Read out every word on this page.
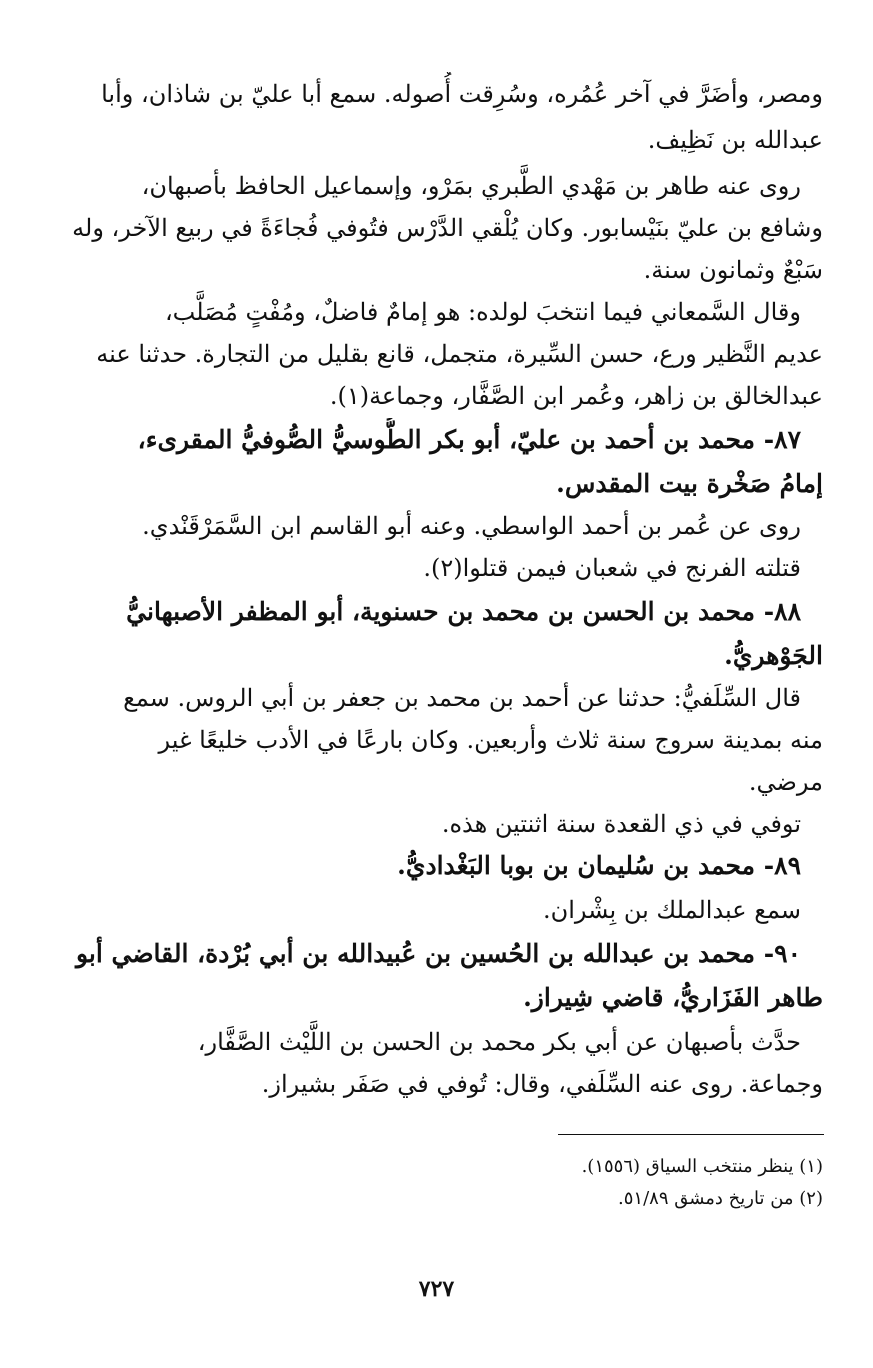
ومصر، وأضَرَّ في آخر عُمُره، وسُرِقت أُصوله. سمع أبا عليّ بن شاذان، وأبا
عبدالله بن نَظِيف.
روى عنه طاهر بن مَهْدي الطَّبري بمَرْو، وإسماعيل الحافظ بأصبهان،
وشافع بن عليّ بنَيْسابور. وكان يُلْقي الدَّرْس فتُوفي فُجاءَةً في ربيع الآخر، وله
سَبْعٌ وثمانون سنة.
وقال السَّمعاني فيما انتخبَ لولده: هو إمامٌ فاضلٌ، ومُفْتٍ مُصَلَّب،
عديم النَّظير ورع، حسن السِّيرة، متجمل، قانع بقليل من التجارة. حدثنا عنه
عبدالخالق بن زاهر، وعُمر ابن الصَّفَّار، وجماعة(١).
٨٧- محمد بن أحمد بن عليّ، أبو بكر الطُّوسيُّ الصُّوفيُّ المقرىء،
إمامُ صَخْرة بيت المقدس.
روى عن عُمر بن أحمد الواسطي. وعنه أبو القاسم ابن السَّمَرْقَنْدي.
قتلته الفرنج في شعبان فيمن قتلوا(٢).
٨٨- محمد بن الحسن بن محمد بن حسنوية، أبو المظفر الأصبهانيُّ
الجَوْهريُّ.
قال السِّلَفيُّ: حدثنا عن أحمد بن محمد بن جعفر بن أبي الروس. سمع
منه بمدينة سروج سنة ثلاث وأربعين. وكان بارعًا في الأدب خليعًا غير
مرضي.
توفي في ذي القعدة سنة اثنتين هذه.
٨٩- محمد بن سُليمان بن بوبا البَغْداديُّ.
سمع عبدالملك بن بِشْران.
٩٠- محمد بن عبدالله بن الحُسين بن عُبيدالله بن أبي بُرْدة، القاضي أبو
طاهر الفَزَاريُّ، قاضي شِيراز.
حدَّث بأصبهان عن أبي بكر محمد بن الحسن بن اللَّيْث الصَّفَّار،
وجماعة. روى عنه السِّلَفي، وقال: تُوفي في صَفَر بشيراز.
(١) ينظر منتخب السياق (١٥٥٦).
(٢) من تاريخ دمشق ٥١/٨٩.
٧٢٧
